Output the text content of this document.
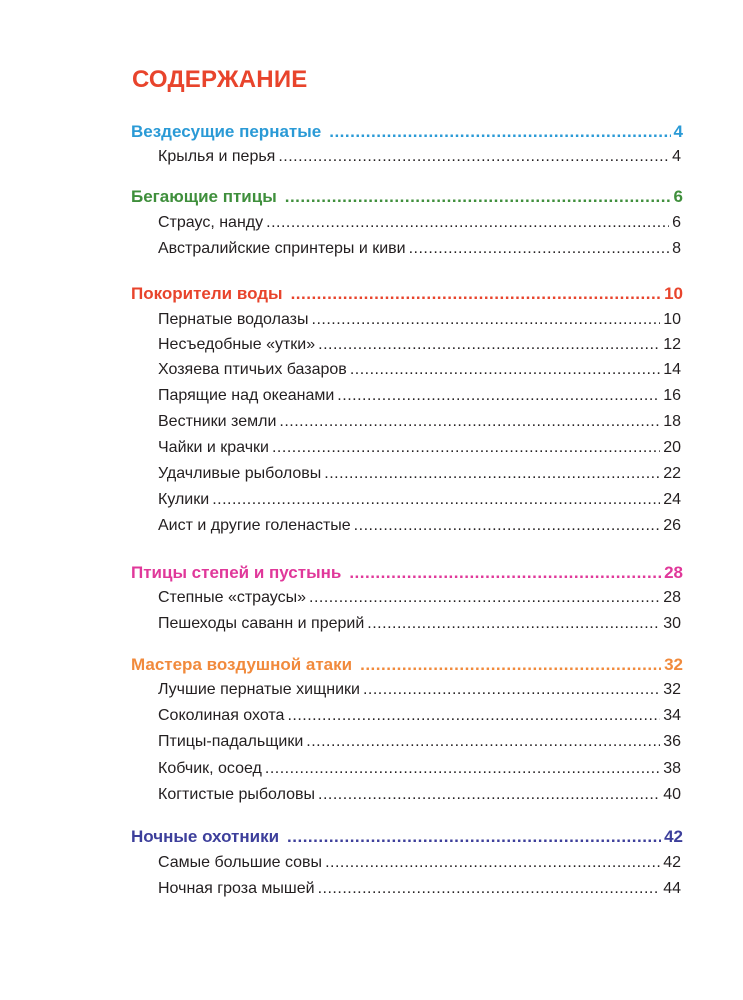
СОДЕРЖАНИЕ
Вездесущие пернатые .....	4
Крылья и перья .....	4
Бегающие птицы .....	6
Страус, нанду .....	6
Австралийские спринтеры и киви .....	8
Покорители воды .....	10
Пернатые водолазы .....	10
Несъедобные «утки» .....	12
Хозяева птичьих базаров .....	14
Парящие над океанами .....	16
Вестники земли .....	18
Чайки и крачки .....	20
Удачливые рыболовы .....	22
Кулики .....	24
Аист и другие голенастые .....	26
Птицы степей и пустынь .....	28
Степные «страусы» .....	28
Пешеходы саванн и прерий .....	30
Мастера воздушной атаки .....	32
Лучшие пернатые хищники .....	32
Соколиная охота .....	34
Птицы-падальщики .....	36
Кобчик, осоед .....	38
Когтистые рыболовы .....	40
Ночные охотники .....	42
Самые большие совы .....	42
Ночная гроза мышей .....	44
